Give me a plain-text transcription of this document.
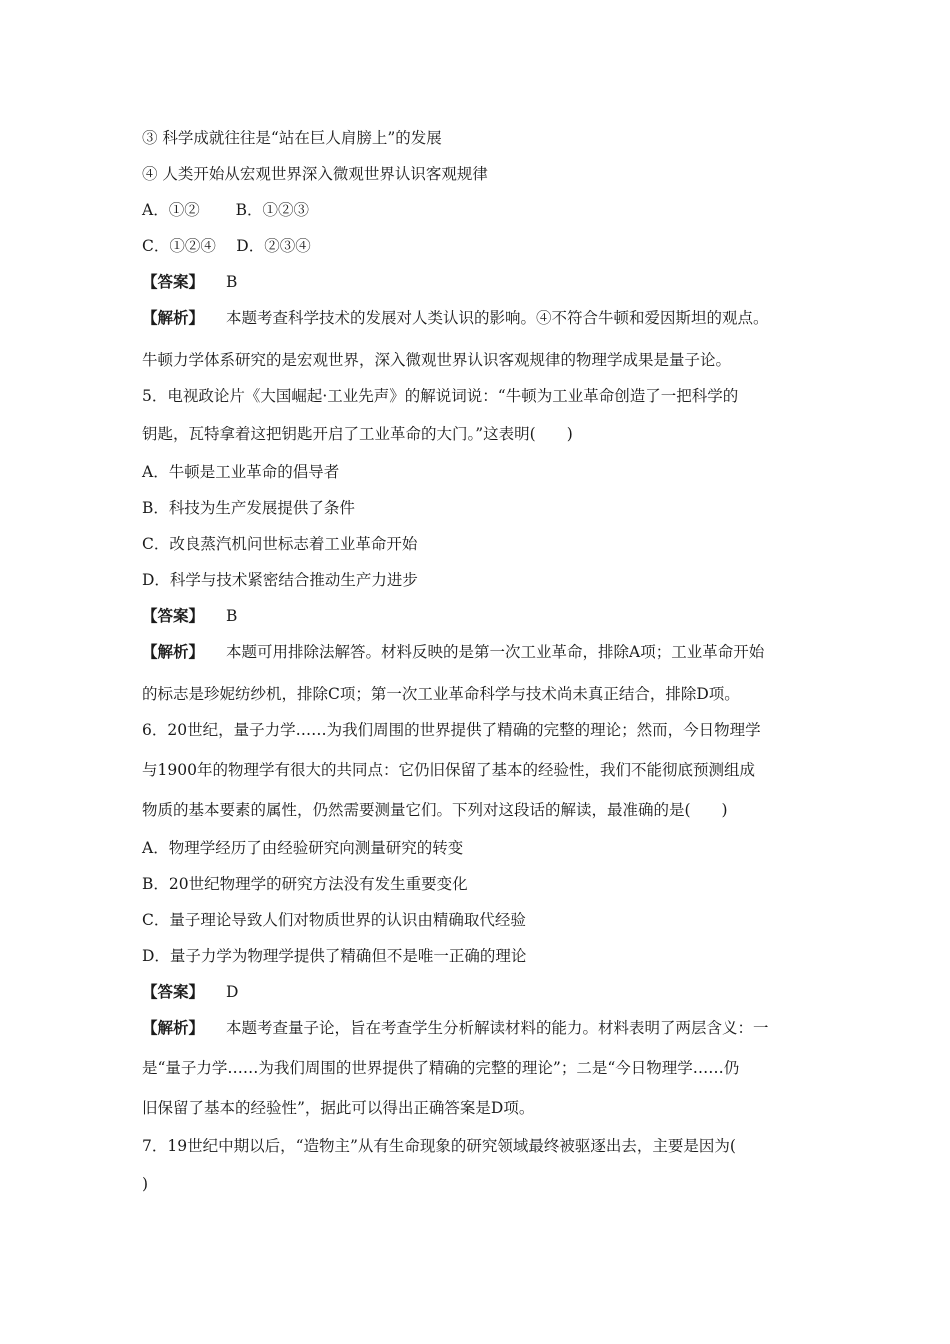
③ 科学成就往往是“站在巨人肩膀上”的发展
④ 人类开始从宏观世界深入微观世界认识客观规律
A．①②　　 B．①②③
C．①②④　 D．②③④
【答案】 B
【解析】 本题考查科学技术的发展对人类认识的影响。④不符合牛顿和爱因斯坦的观点。
牛顿力学体系研究的是宏观世界，深入微观世界认识客观规律的物理学成果是量子论。
5．电视政论片《大国崛起·工业先声》的解说词说：“牛顿为工业革命创造了一把科学的
钥匙，瓦特拿着这把钥匙开启了工业革命的大门。”这表明(　　)
A．牛顿是工业革命的倡导者
B．科技为生产发展提供了条件
C．改良蒸汽机问世标志着工业革命开始
D．科学与技术紧密结合推动生产力进步
【答案】 B
【解析】 本题可用排除法解答。材料反映的是第一次工业革命，排除A项；工业革命开始
的标志是珍妮纺纱机，排除C项；第一次工业革命科学与技术尚未真正结合，排除D项。
6．20世纪，量子力学……为我们周围的世界提供了精确的完整的理论；然而，今日物理学
与1900年的物理学有很大的共同点：它仍旧保留了基本的经验性，我们不能彻底预测组成
物质的基本要素的属性，仍然需要测量它们。下列对这段话的解读，最准确的是(　　)
A．物理学经历了由经验研究向测量研究的转变
B．20世纪物理学的研究方法没有发生重要变化
C．量子理论导致人们对物质世界的认识由精确取代经验
D．量子力学为物理学提供了精确但不是唯一正确的理论
【答案】 D
【解析】 本题考查量子论，旨在考查学生分析解读材料的能力。材料表明了两层含义：一
是“量子力学……为我们周围的世界提供了精确的完整的理论”；二是“今日物理学……仍
旧保留了基本的经验性”，据此可以得出正确答案是D项。
7．19世纪中期以后，“造物主”从有生命现象的研究领域最终被驱逐出去，主要是因为(
)
